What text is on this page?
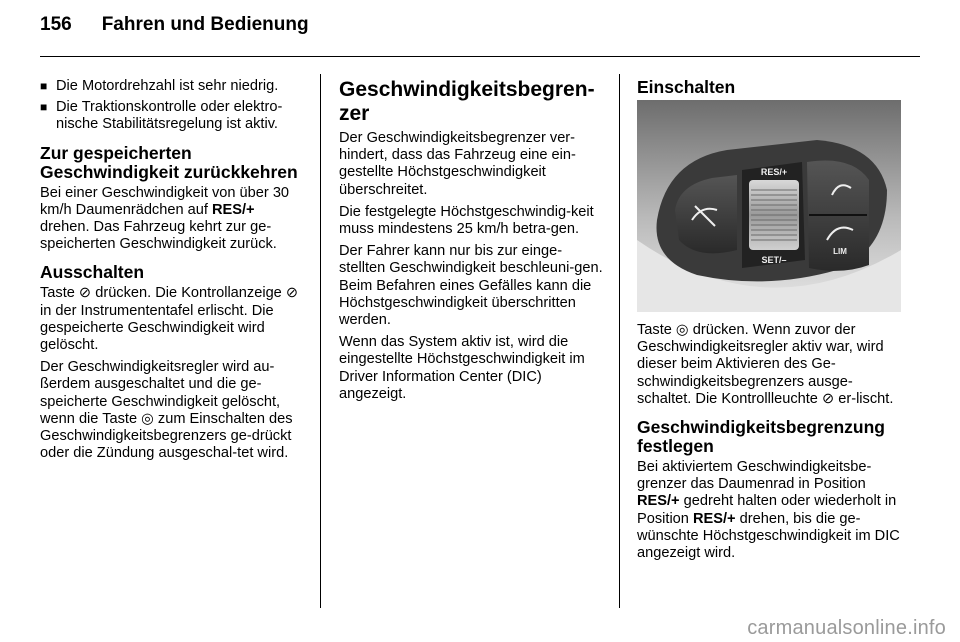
156 Fahren und Bedienung
■ Die Motordrehzahl ist sehr niedrig.
■ Die Traktionskontrolle oder elektro-nische Stabilitätsregelung ist aktiv.
Zur gespeicherten Geschwindigkeit zurückkehren

Bei einer Geschwindigkeit von über 30 km/h Daumenrädchen auf RES/+ drehen. Das Fahrzeug kehrt zur ge-speicherten Geschwindigkeit zurück.

Ausschalten

Taste ⊘ drücken. Die Kontrollanzeige ⊘ in der Instrumententafel erlischt. Die gespeicherte Geschwindigkeit wird gelöscht.

Der Geschwindigkeitsregler wird au-ßerdem ausgeschaltet und die ge-speicherte Geschwindigkeit gelöscht, wenn die Taste ◎ zum Einschalten des Geschwindigkeitsbegrenzers ge-drückt oder die Zündung ausgeschal-tet wird.

Geschwindigkeitsbegren-zer

Der Geschwindigkeitsbegrenzer ver-hindert, dass das Fahrzeug eine ein-gestellte Höchstgeschwindigkeit überschreitet.

Die festgelegte Höchstgeschwindig-keit muss mindestens 25 km/h betra-gen.

Der Fahrer kann nur bis zur einge-stellten Geschwindigkeit beschleuni-gen. Beim Befahren eines Gefälles kann die Höchstgeschwindigkeit überschritten werden.

Wenn das System aktiv ist, wird die eingestellte Höchstgeschwindigkeit im Driver Information Center (DIC) angezeigt.

Einschalten
RES/+
SET/–
LIM

Taste ◎ drücken. Wenn zuvor der Geschwindigkeitsregler aktiv war, wird dieser beim Aktivieren des Ge-schwindigkeitsbegrenzers ausge-schaltet. Die Kontrollleuchte ⊘ er-lischt.

Geschwindigkeitsbegrenzung festlegen

Bei aktiviertem Geschwindigkeitsbe-grenzer das Daumenrad in Position RES/+ gedreht halten oder wiederholt in Position RES/+ drehen, bis die ge-wünschte Höchstgeschwindigkeit im DIC angezeigt wird.

carmanualsonline.info
